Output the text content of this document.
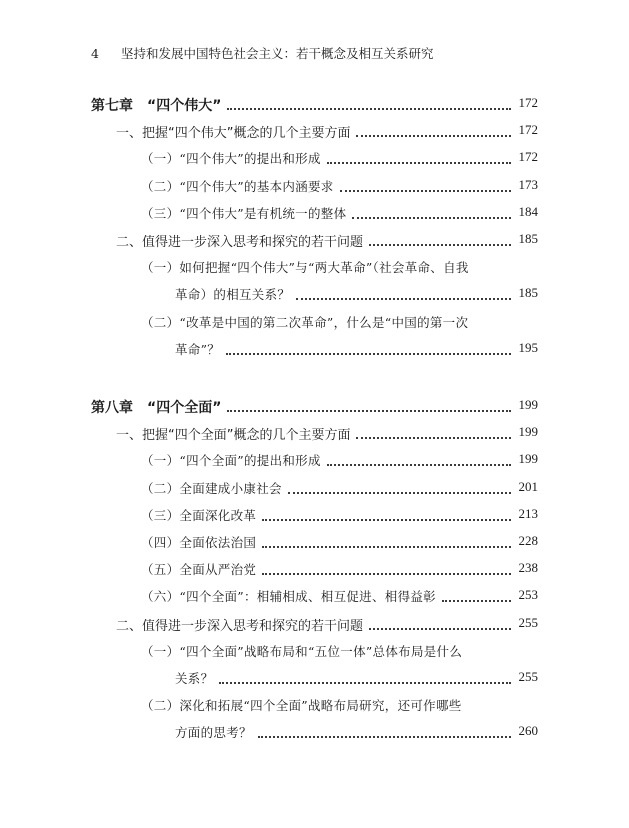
4 坚持和发展中国特色社会主义：若干概念及相互关系研究
第七章　“四个伟大”	172
一、把握“四个伟大”概念的几个主要方面	172
（一）“四个伟大”的提出和形成	172
（二）“四个伟大”的基本内涵要求	173
（三）“四个伟大”是有机统一的整体	184
二、值得进一步深入思考和探究的若干问题	185
（一）如何把握“四个伟大”与“两大革命”（社会革命、自我
革命）的相互关系？	185
（二）“改革是中国的第二次革命”，什么是“中国的第一次
革命”？	195
第八章　“四个全面”	199
一、把握“四个全面”概念的几个主要方面	199
（一）“四个全面”的提出和形成	199
（二）全面建成小康社会	201
（三）全面深化改革	213
（四）全面依法治国	228
（五）全面从严治党	238
（六）“四个全面”：相辅相成、相互促进、相得益彰	253
二、值得进一步深入思考和探究的若干问题	255
（一）“四个全面”战略布局和“五位一体”总体布局是什么
关系？	255
（二）深化和拓展“四个全面”战略布局研究，还可作哪些
方面的思考？	260
